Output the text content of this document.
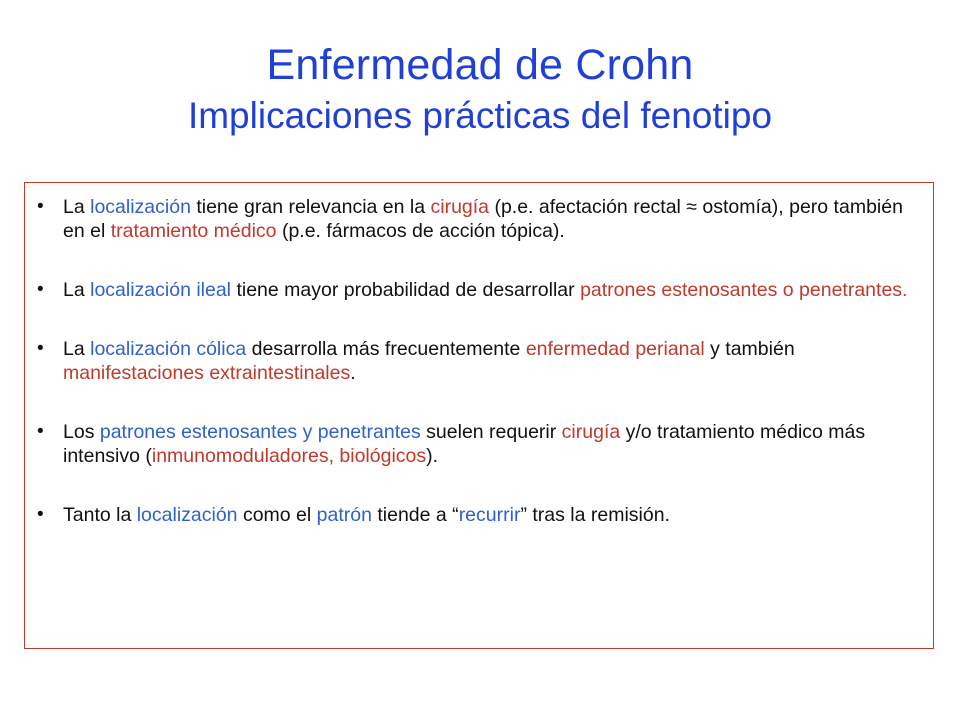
Enfermedad de Crohn
Implicaciones prácticas del fenotipo
• La localización tiene gran relevancia en la cirugía (p.e. afectación rectal ≈ ostomía), pero también en el tratamiento médico (p.e. fármacos de acción tópica).
• La localización ileal tiene mayor probabilidad de desarrollar patrones estenosantes o penetrantes.
• La localización cólica desarrolla más frecuentemente enfermedad perianal y también manifestaciones extraintestinales.
• Los patrones estenosantes y penetrantes suelen requerir cirugía y/o tratamiento médico más intensivo (inmunomoduladores, biológicos).
• Tanto la localización como el patrón tiende a “recurrir” tras la remisión.
